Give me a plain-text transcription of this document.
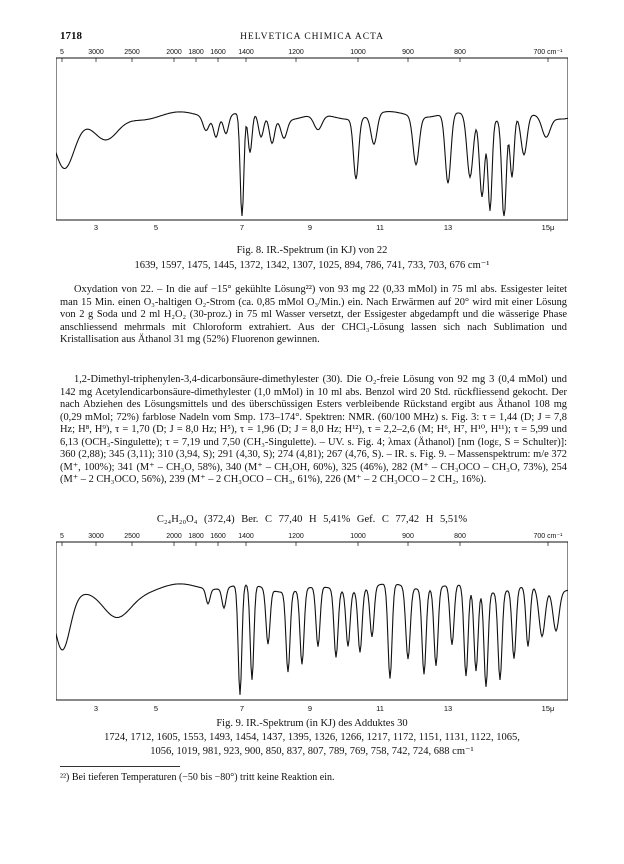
1718	HELVETICA CHIMICA ACTA
5	3000	2500	2000 1800 1600 1400	1200	1000	900	800	700 cm⁻¹
3	5	7	9	11	13	15μ
Fig. 8. IR.-Spektrum (in KJ) von 22
1639, 1597, 1475, 1445, 1372, 1342, 1307, 1025, 894, 786, 741, 733, 703, 676 cm⁻¹

Oxydation von 22. – In die auf −15° gekühlte Lösung²²) von 93 mg 22 (0,33 mMol) in 75 ml abs. Essigester leitet man 15 Min. einen O₃-haltigen O₂-Strom (ca. 0,85 mMol O₃/Min.) ein. Nach Erwärmen auf 20° wird mit einer Lösung von 2 g Soda und 2 ml H₂O₂ (30-proz.) in 75 ml Wasser versetzt, der Essigester abgedampft und die wässerige Phase anschliessend mehrmals mit Chloroform extrahiert. Aus der CHCl₃-Lösung lassen sich nach Sublimation und Kristallisation aus Äthanol 31 mg (52%) Fluorenon gewinnen.

1,2-Dimethyl-triphenylen-3,4-dicarbonsäure-dimethylester (30). Die O₂-freie Lösung von 92 mg 3 (0,4 mMol) und 142 mg Acetylendicarbonsäure-dimethylester (1,0 mMol) in 10 ml abs. Benzol wird 20 Std. rückfliessend gekocht. Der nach Abziehen des Lösungsmittels und des überschüssigen Esters verbleibende Rückstand ergibt aus Äthanol 108 mg (0,29 mMol; 72%) farblose Nadeln vom Smp. 173–174°. Spektren: NMR. (60/100 MHz) s. Fig. 3: τ = 1,44 (D; J = 7,8 Hz; H⁸, H⁹), τ = 1,70 (D; J = 8,0 Hz; H⁵), τ = 1,96 (D; J = 8,0 Hz; H¹²), τ = 2,2–2,6 (M; H⁶, H⁷, H¹⁰, H¹¹); τ = 5,99 und 6,13 (OCH₃-Singulette); τ = 7,19 und 7,50 (CH₃-Singulette). – UV. s. Fig. 4; λmax (Äthanol) [nm (logε, S = Schulter)]: 360 (2,88); 345 (3,11); 310 (3,94, S); 291 (4,30, S); 274 (4,81); 267 (4,76, S). – IR. s. Fig. 9. – Massenspektrum: m/e 372 (M⁺, 100%); 341 (M⁺ – CH₃O, 58%), 340 (M⁺ – CH₃OH, 60%), 325 (46%), 282 (M⁺ – CH₃OCO – CH₃O, 73%), 254 (M⁺ – 2 CH₃OCO, 56%), 239 (M⁺ – 2 CH₃OCO – CH₃, 61%), 226 (M⁺ – 2 CH₃OCO – 2 CH₂, 16%).

C₂₄H₂₀O₄ (372,4) Ber. C 77,40 H 5,41% Gef. C 77,42 H 5,51%
5	3000	2500	2000 1800 1600 1400	1200	1000	900	800	700 cm⁻¹
3	5	7	9	11	13	15μ
Fig. 9. IR.-Spektrum (in KJ) des Adduktes 30
1724, 1712, 1605, 1553, 1493, 1454, 1437, 1395, 1326, 1266, 1217, 1172, 1151, 1131, 1122, 1065,
1056, 1019, 981, 923, 900, 850, 837, 807, 789, 769, 758, 742, 724, 688 cm⁻¹
²²) Bei tieferen Temperaturen (−50 bis −80°) tritt keine Reaktion ein.
